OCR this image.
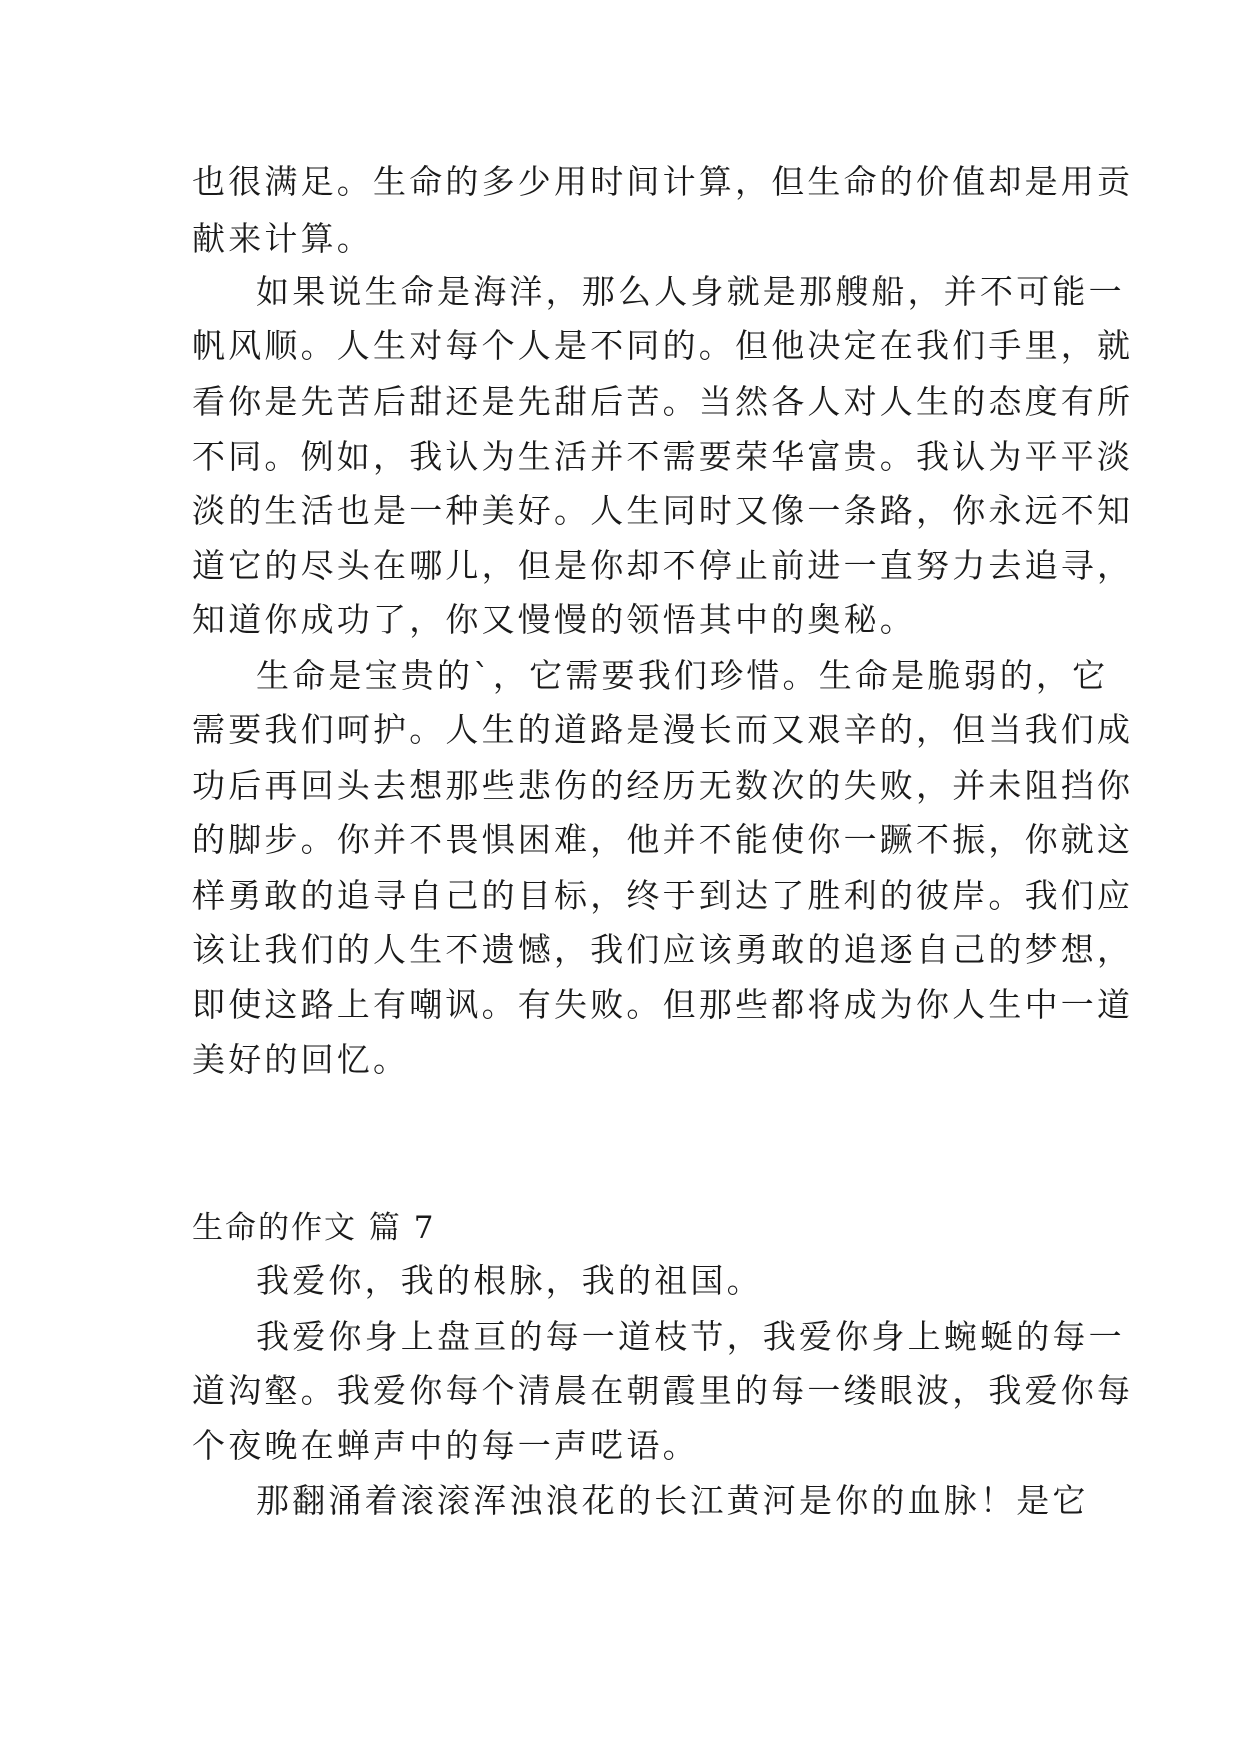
也很满足。生命的多少用时间计算，但生命的价值却是用贡
献来计算。
如果说生命是海洋，那么人身就是那艘船，并不可能一
帆风顺。人生对每个人是不同的。但他决定在我们手里，就
看你是先苦后甜还是先甜后苦。当然各人对人生的态度有所
不同。例如，我认为生活并不需要荣华富贵。我认为平平淡
淡的生活也是一种美好。人生同时又像一条路，你永远不知
道它的尽头在哪儿，但是你却不停止前进一直努力去追寻，
知道你成功了，你又慢慢的领悟其中的奥秘。
生命是宝贵的`，它需要我们珍惜。生命是脆弱的，它
需要我们呵护。人生的道路是漫长而又艰辛的，但当我们成
功后再回头去想那些悲伤的经历无数次的失败，并未阻挡你
的脚步。你并不畏惧困难，他并不能使你一蹶不振，你就这
样勇敢的追寻自己的目标，终于到达了胜利的彼岸。我们应
该让我们的人生不遗憾，我们应该勇敢的追逐自己的梦想，
即使这路上有嘲讽。有失败。但那些都将成为你人生中一道
美好的回忆。
生命的作文 篇 7
我爱你，我的根脉，我的祖国。
我爱你身上盘亘的每一道枝节，我爱你身上蜿蜒的每一
道沟壑。我爱你每个清晨在朝霞里的每一缕眼波，我爱你每
个夜晚在蝉声中的每一声呓语。
那翻涌着滚滚浑浊浪花的长江黄河是你的血脉！是它
